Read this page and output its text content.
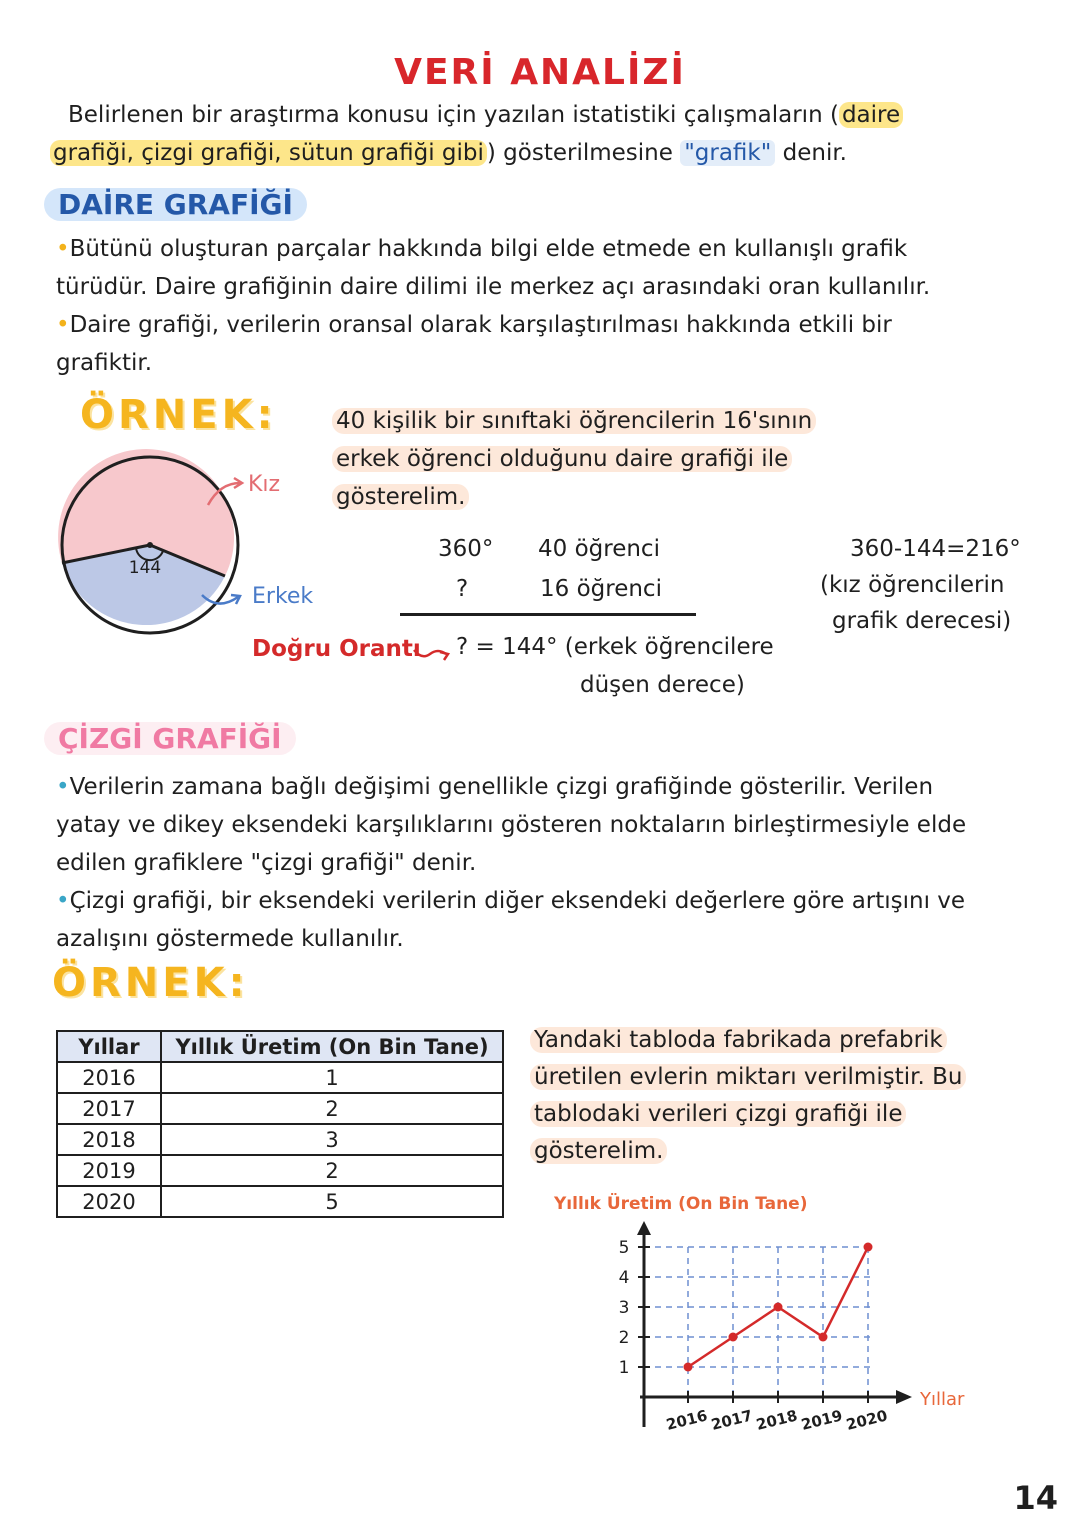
VERİ ANALİZİ
Belirlenen bir araştırma konusu için yazılan istatistiki çalışmaların ( daire
grafiği, çizgi grafiği, sütun grafiği gibi ) gösterilmesine "grafik" denir.
DAİRE GRAFİĞİ
•Bütünü oluşturan parçalar hakkında bilgi elde etmede en kullanışlı grafik
türüdür. Daire grafiğinin daire dilimi ile merkez açı arasındaki oran kullanılır.
•Daire grafiği, verilerin oransal olarak karşılaştırılması hakkında etkili bir
grafiktir.
ÖRNEK:
144
Kız
Erkek
40 kişilik bir sınıftaki öğrencilerin 16'sının
erkek öğrenci olduğunu daire grafiği ile
gösterelim.
360° 40 öğrenci
?	16 öğrenci
Doğru Orantı ? = 144° (erkek öğrencilere
düşen derece)
360-144=216°
(kız öğrencilerin
grafik derecesi)
ÇİZGİ GRAFİĞİ
•Verilerin zamana bağlı değişimi genellikle çizgi grafiğinde gösterilir. Verilen
yatay ve dikey eksendeki karşılıklarını gösteren noktaların birleştirmesiyle elde
edilen grafiklere "çizgi grafiği" denir.
•Çizgi grafiği, bir eksendeki verilerin diğer eksendeki değerlere göre artışını ve
azalışını göstermede kullanılır.
ÖRNEK:
Yıllar	Yıllık Üretim (On Bin Tane)
2016	1
2017	2
2018	3
2019	2
2020	5
Yandaki tabloda fabrikada prefabrik
üretilen evlerin miktarı verilmiştir. Bu
tablodaki verileri çizgi grafiği ile
gösterelim.
1
2
3
4
5
2016 2017 2018 2019 2020
Yıllık Üretim (On Bin Tane)
Yıllar
14
